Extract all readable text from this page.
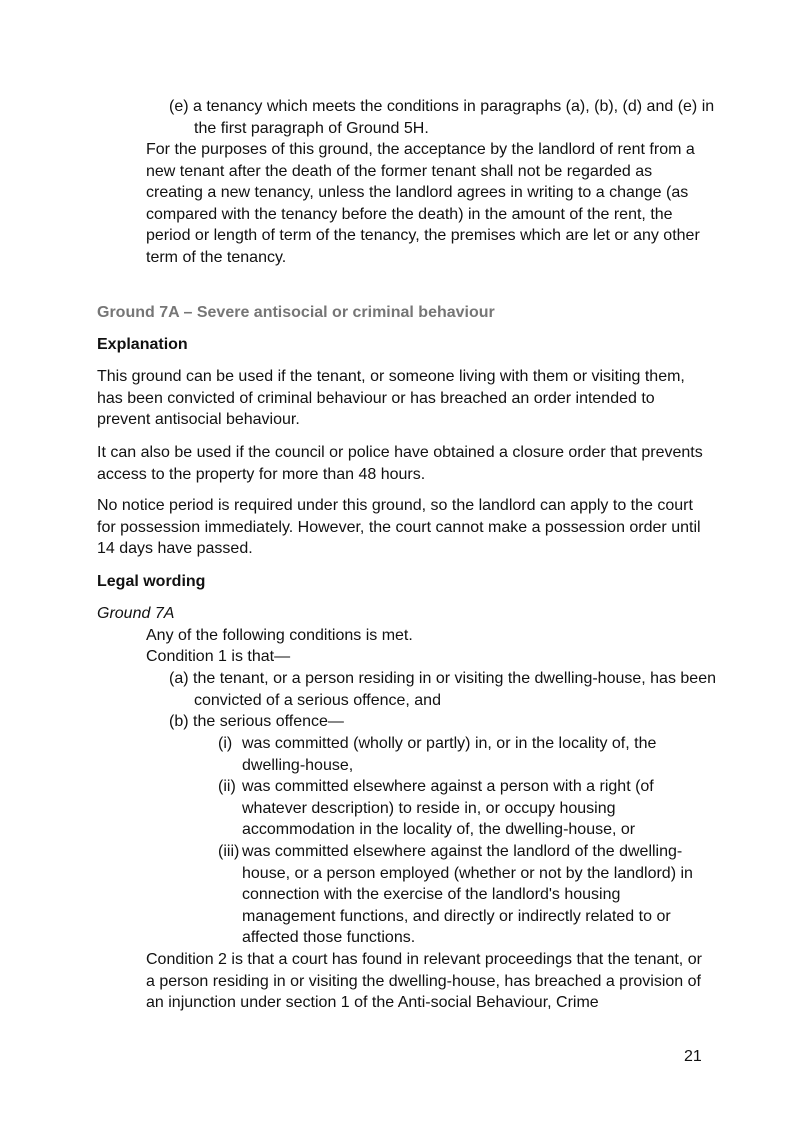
(e) a tenancy which meets the conditions in paragraphs (a), (b), (d) and (e) in the first paragraph of Ground 5H.

For the purposes of this ground, the acceptance by the landlord of rent from a new tenant after the death of the former tenant shall not be regarded as creating a new tenancy, unless the landlord agrees in writing to a change (as compared with the tenancy before the death) in the amount of the rent, the period or length of term of the tenancy, the premises which are let or any other term of the tenancy.

Ground 7A – Severe antisocial or criminal behaviour

Explanation

This ground can be used if the tenant, or someone living with them or visiting them, has been convicted of criminal behaviour or has breached an order intended to prevent antisocial behaviour.

It can also be used if the council or police have obtained a closure order that prevents access to the property for more than 48 hours.

No notice period is required under this ground, so the landlord can apply to the court for possession immediately. However, the court cannot make a possession order until 14 days have passed.

Legal wording

Ground 7A

Any of the following conditions is met.

Condition 1 is that—

(a) the tenant, or a person residing in or visiting the dwelling-house, has been convicted of a serious offence, and

(b) the serious offence—

(i) was committed (wholly or partly) in, or in the locality of, the dwelling-house,
(ii) was committed elsewhere against a person with a right (of whatever description) to reside in, or occupy housing accommodation in the locality of, the dwelling-house, or
(iii) was committed elsewhere against the landlord of the dwelling-house, or a person employed (whether or not by the landlord) in connection with the exercise of the landlord's housing management functions, and directly or indirectly related to or affected those functions.

Condition 2 is that a court has found in relevant proceedings that the tenant, or a person residing in or visiting the dwelling-house, has breached a provision of an injunction under section 1 of the Anti-social Behaviour, Crime

21
